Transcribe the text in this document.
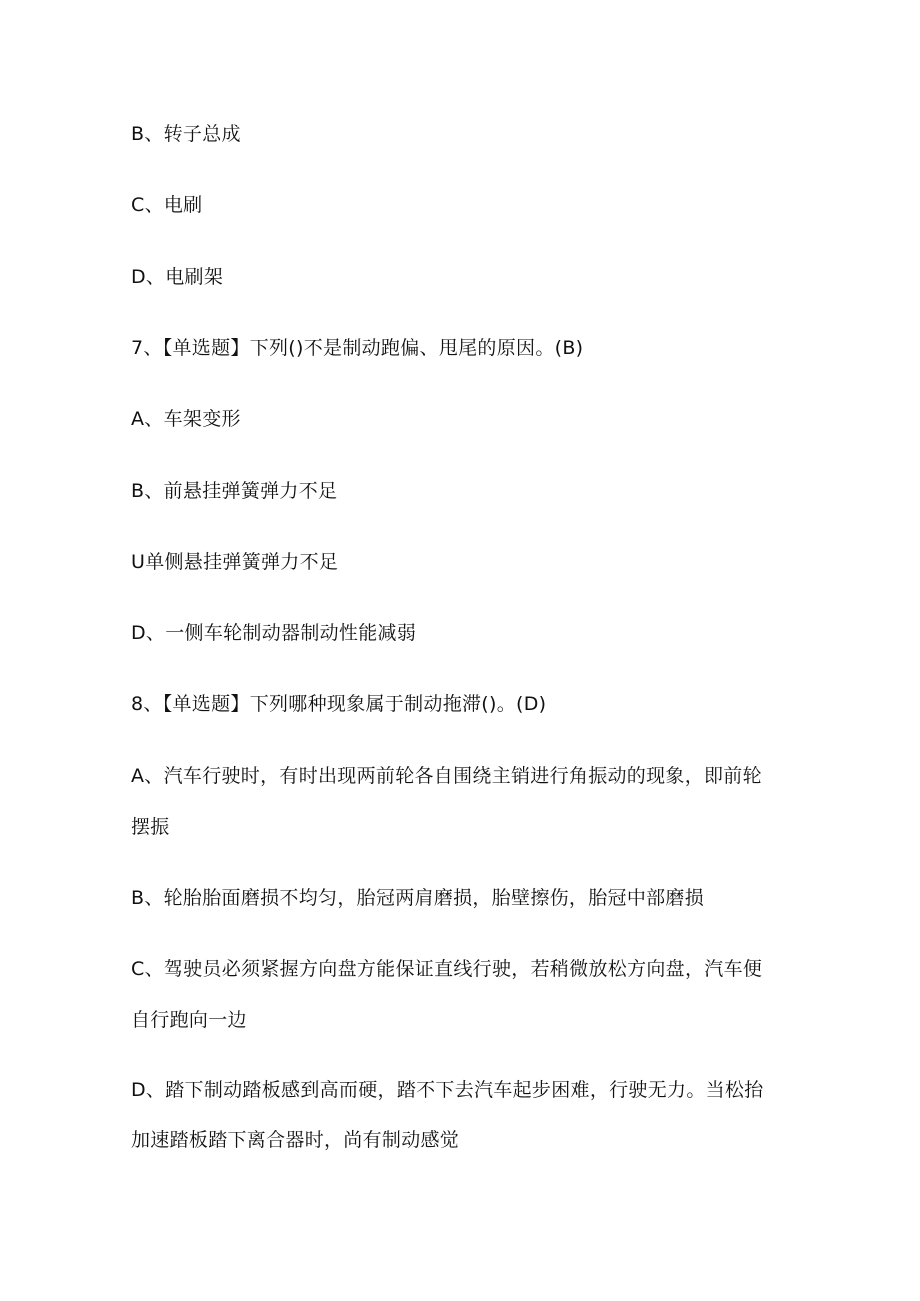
B、转子总成
C、电刷
D、电刷架
7、【单选题】下列()不是制动跑偏、甩尾的原因。(B)
A、车架变形
B、前悬挂弹簧弹力不足
U单侧悬挂弹簧弹力不足
D、一侧车轮制动器制动性能减弱
8、【单选题】下列哪种现象属于制动拖滞()。(D)
A、汽车行驶时，有时出现两前轮各自围绕主销进行角振动的现象，即前轮
摆振
B、轮胎胎面磨损不均匀，胎冠两肩磨损，胎壁擦伤，胎冠中部磨损
C、驾驶员必须紧握方向盘方能保证直线行驶，若稍微放松方向盘，汽车便
自行跑向一边
D、踏下制动踏板感到高而硬，踏不下去汽车起步困难，行驶无力。当松抬
加速踏板踏下离合器时，尚有制动感觉
